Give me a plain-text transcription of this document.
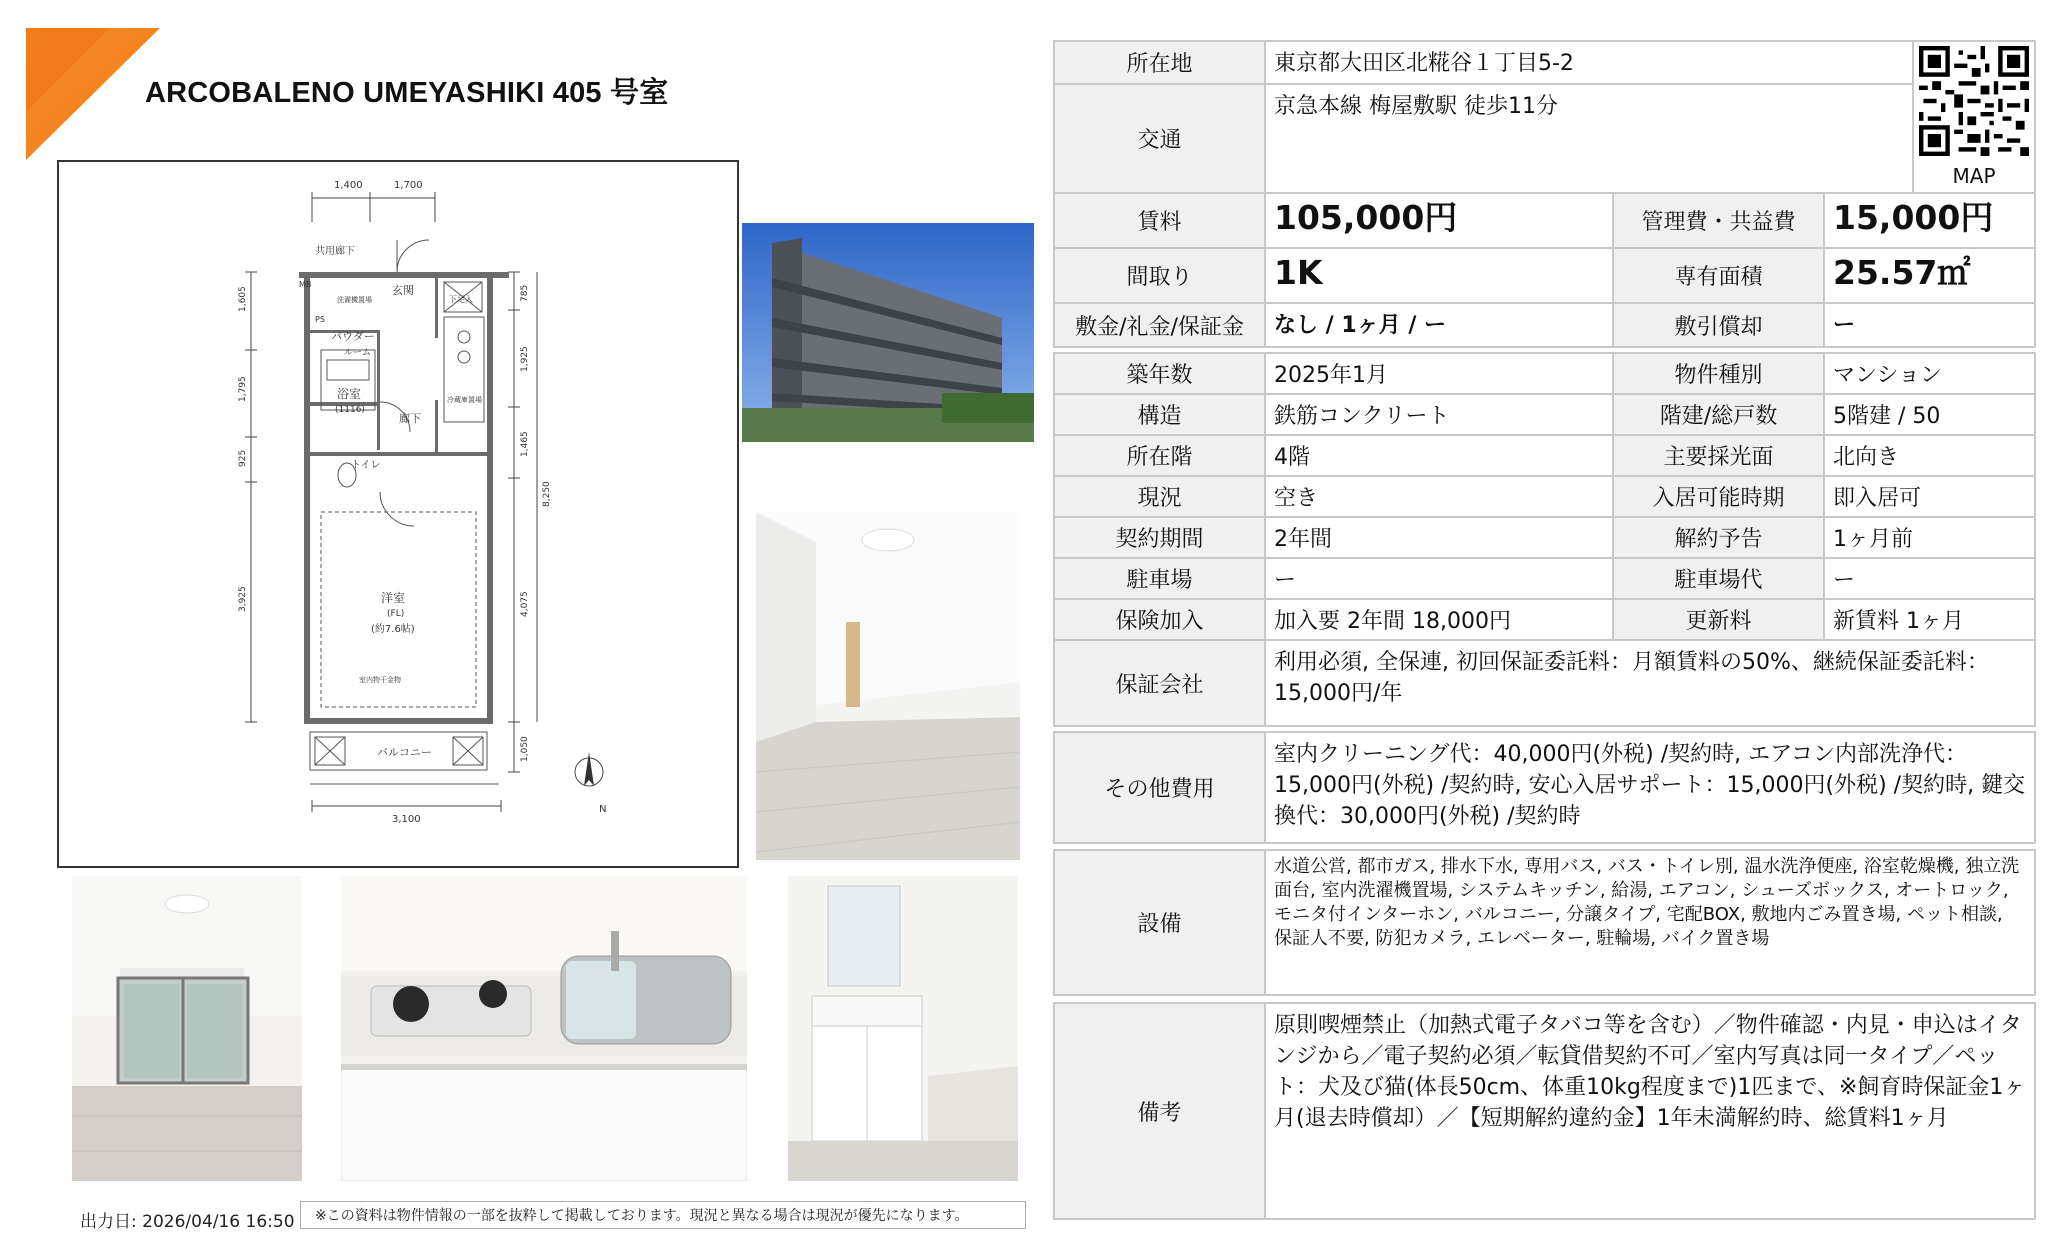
ARCOBALENO UMEYASHIKI 405 号室
1,400	1,700
3,100
N
共用廊下
MB
PS
玄関
下足入
洗濯機置場
パウダー
ルーム
浴室
(1116)
廊下
冷蔵庫置場
トイレ
洋室
(FL)
(約7.6帖)
室内物干金物
バルコニー
1,605
1,795
925
3,925
785
1,925
1,465
4,075
1,050
8,250
出力日: 2026/04/16 16:50	※この資料は物件情報の一部を抜粋して掲載しております。現況と異なる場合は現況が優先になります。
所在地	東京都大田区北糀谷１丁目5-2	MAP

交通	京急本線 梅屋敷駅 徒歩11分	
賃料	105,000円	管理費・共益費	15,000円
間取り	1K	専有面積	25.57㎡
敷金/礼金/保証金	なし / 1ヶ月 / ー	敷引償却	ー
築年数	2025年1月	物件種別	マンション
構造	鉄筋コンクリート	階建/総戸数	5階建 / 50
所在階	4階	主要採光面	北向き
現況	空き	入居可能時期	即入居可
契約期間	2年間	解約予告	1ヶ月前
駐車場	ー	駐車場代	ー
保険加入	加入要 2年間 18,000円	更新料	新賃料 1ヶ月
保証会社	利用必須, 全保連, 初回保証委託料：月額賃料の50%、継続保証委託料：15,000円/年		
その他費用	室内クリーニング代：40,000円(外税) /契約時, エアコン内部洗浄代：15,000円(外税) /契約時, 安心入居サポート：15,000円(外税) /契約時, 鍵交換代：30,000円(外税) /契約時
設備	水道公営, 都市ガス, 排水下水, 専用バス, バス・トイレ別, 温水洗浄便座, 浴室乾燥機, 独立洗面台, 室内洗濯機置場, システムキッチン, 給湯, エアコン, シューズボックス, オートロック, モニタ付インターホン, バルコニー, 分譲タイプ, 宅配BOX, 敷地内ごみ置き場, ペット相談, 保証人不要, 防犯カメラ, エレベーター, 駐輪場, バイク置き場
備考	原則喫煙禁止（加熱式電子タバコ等を含む）／物件確認・内見・申込はイタンジから／電子契約必須／転貸借契約不可／室内写真は同一タイプ／ペット：犬及び猫(体長50cm、体重10kg程度まで)1匹まで、※飼育時保証金1ヶ月(退去時償却）／【短期解約違約金】1年未満解約時、総賃料1ヶ月
